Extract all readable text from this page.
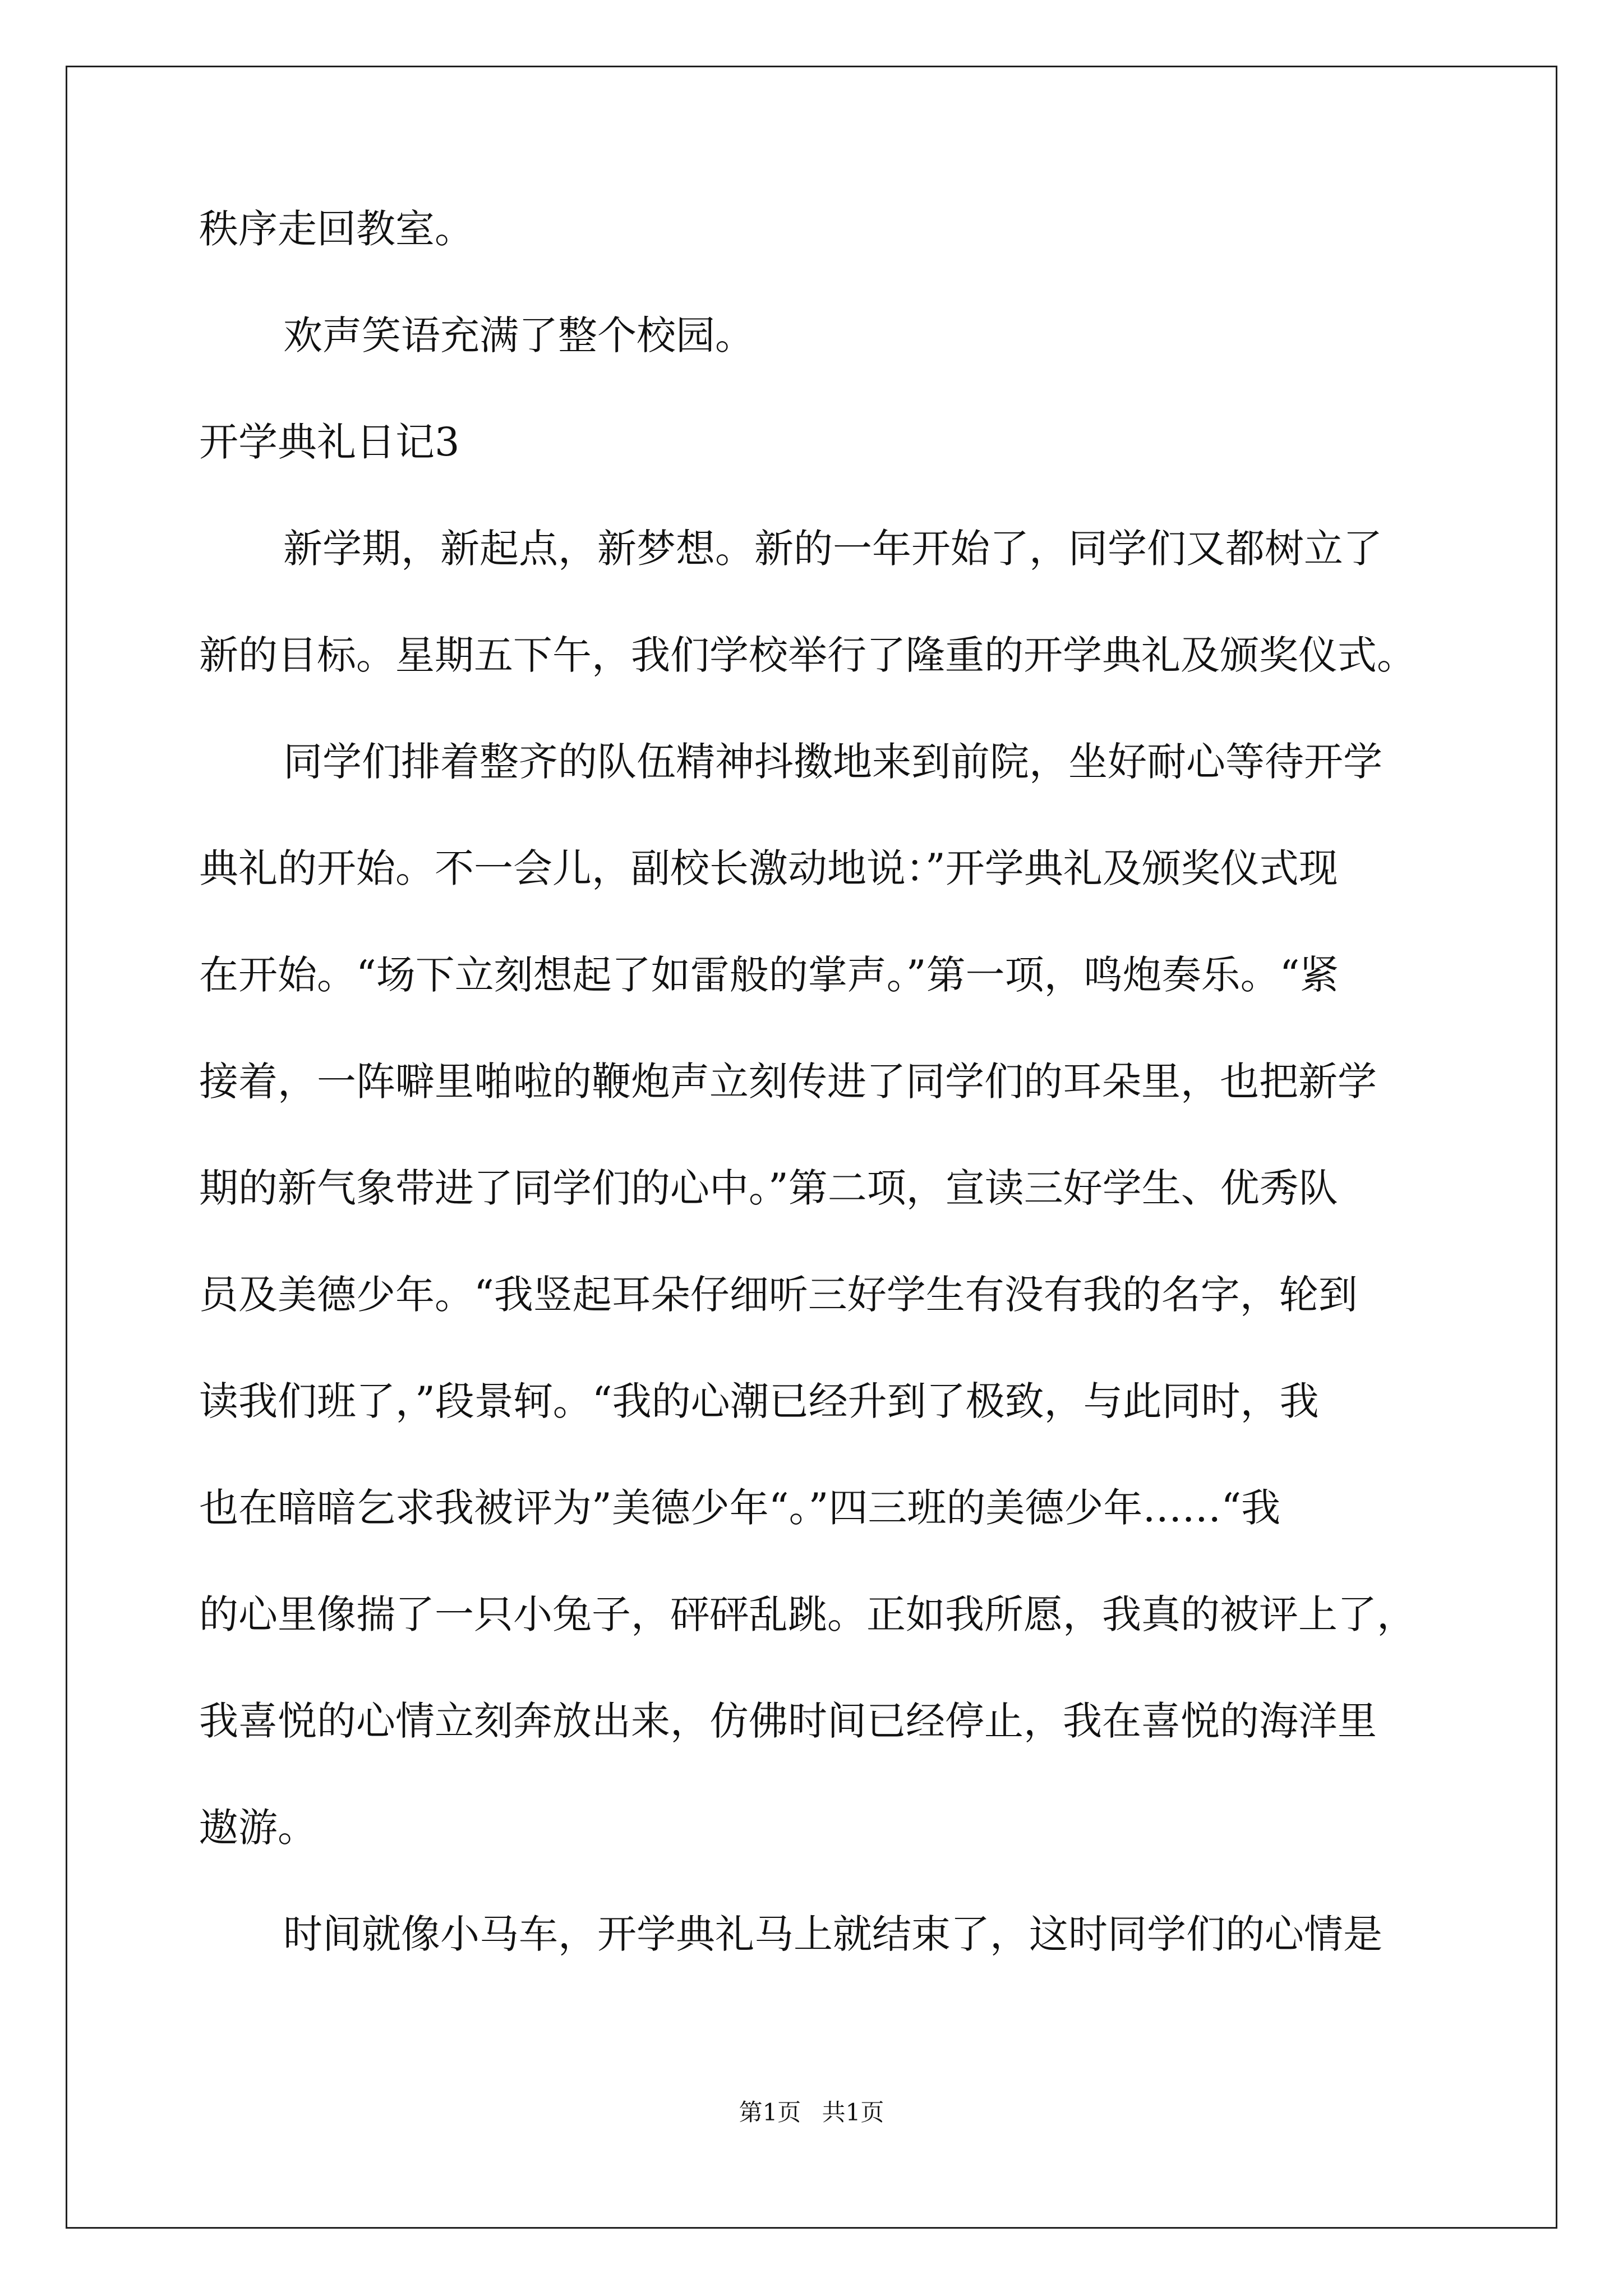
秩序走回教室。
欢声笑语充满了整个校园。
开学典礼日记3
新学期，新起点，新梦想。新的一年开始了，同学们又都树立了
新的目标。星期五下午，我们学校举行了隆重的开学典礼及颁奖仪式。
同学们排着整齐的队伍精神抖擞地来到前院，坐好耐心等待开学
典礼的开始。不一会儿，副校长激动地说：”开学典礼及颁奖仪式现
在开始。“场下立刻想起了如雷般的掌声。”第一项，鸣炮奏乐。“紧
接着，一阵噼里啪啦的鞭炮声立刻传进了同学们的耳朵里，也把新学
期的新气象带进了同学们的心中。”第二项，宣读三好学生、优秀队
员及美德少年。“我竖起耳朵仔细听三好学生有没有我的名字，轮到
读我们班了，”段景轲。“我的心潮已经升到了极致，与此同时，我
也在暗暗乞求我被评为”美德少年“。”四三班的美德少年……“我
的心里像揣了一只小兔子，砰砰乱跳。正如我所愿，我真的被评上了，
我喜悦的心情立刻奔放出来，仿佛时间已经停止，我在喜悦的海洋里
遨游。
时间就像小马车，开学典礼马上就结束了，这时同学们的心情是
第1页 共1页
